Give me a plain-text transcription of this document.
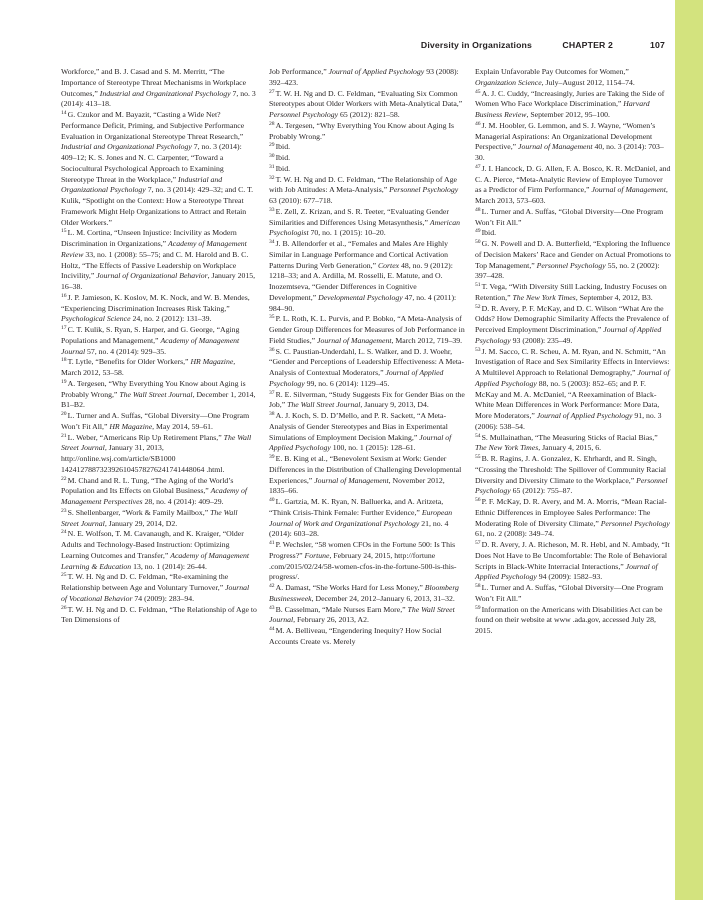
Diversity in Organizations	CHAPTER 2	107

Workforce,” and B. J. Casad and S. M. Merritt, “The Importance of Stereotype Threat Mechanisms in Workplace Outcomes,” Industrial and Organizational Psychology 7, no. 3 (2014): 413–18.

$^{14}$G. Czukor and M. Bayazit, “Casting a Wide Net? Performance Deficit, Priming, and Subjective Performance Evaluation in Organizational Stereotype Threat Research,” Industrial and Organizational Psychology 7, no. 3 (2014): 409–12; K. S. Jones and N. C. Carpenter, “Toward a Sociocultural Psychological Approach to Examining Stereotype Threat in the Workplace,” Industrial and Organizational Psychology 7, no. 3 (2014): 429–32; and C. T. Kulik, “Spotlight on the Context: How a Stereotype Threat Framework Might Help Organizations to Attract and Retain Older Workers.”

$^{15}$L. M. Cortina, “Unseen Injustice: Incivility as Modern Discrimination in Organizations,” Academy of Management Review 33, no. 1 (2008): 55–75; and C. M. Harold and B. C. Holtz, “The Effects of Passive Leadership on Workplace Incivility,” Journal of Organizational Behavior, January 2015, 16–38.

$^{16}$J. P. Jamieson, K. Koslov, M. K. Nock, and W. B. Mendes, “Experiencing Discrimination Increases Risk Taking,” Psychological Science 24, no. 2 (2012): 131–39.

$^{17}$C. T. Kulik, S. Ryan, S. Harper, and G. George, “Aging Populations and Management,” Academy of Management Journal 57, no. 4 (2014): 929–35.

$^{18}$T. Lytle, “Benefits for Older Workers,” HR Magazine, March 2012, 53–58.

$^{19}$A. Tergesen, “Why Everything You Know about Aging is Probably Wrong,” The Wall Street Journal, December 1, 2014, B1–B2.

$^{20}$L. Turner and A. Suffas, “Global Diversity—One Program Won’t Fit All,” HR Magazine, May 2014, 59–61.

$^{21}$L. Weber, “Americans Rip Up Retirement Plans,” The Wall Street Journal, January 31, 2013, http://online.wsj.com/article/SB1000 1424127887323926104578276241741448064 .html.

$^{22}$M. Chand and R. L. Tung, “The Aging of the World’s Population and Its Effects on Global Business,” Academy of Management Perspectives 28, no. 4 (2014): 409–29.

$^{23}$S. Shellenbarger, “Work & Family Mailbox,” The Wall Street Journal, January 29, 2014, D2.

$^{24}$N. E. Wolfson, T. M. Cavanaugh, and K. Kraiger, “Older Adults and Technology-Based Instruction: Optimizing Learning Outcomes and Transfer,” Academy of Management Learning & Education 13, no. 1 (2014): 26-44.

$^{25}$T. W. H. Ng and D. C. Feldman, “Re-examining the Relationship between Age and Voluntary Turnover,” Journal of Vocational Behavior 74 (2009): 283–94.

$^{26}$T. W. H. Ng and D. C. Feldman, “The Relationship of Age to Ten Dimensions of

Job Performance,” Journal of Applied Psychology 93 (2008): 392–423.

$^{27}$T. W. H. Ng and D. C. Feldman, “Evaluating Six Common Stereotypes about Older Workers with Meta-Analytical Data,” Personnel Psychology 65 (2012): 821–58.

$^{28}$A. Tergesen, “Why Everything You Know about Aging Is Probably Wrong.”

$^{29}$Ibid.

$^{30}$Ibid.

$^{31}$Ibid.

$^{32}$T. W. H. Ng and D. C. Feldman, “The Relationship of Age with Job Attitudes: A Meta-Analysis,” Personnel Psychology 63 (2010): 677–718.

$^{33}$E. Zell, Z. Krizan, and S. R. Teeter, “Evaluating Gender Similarities and Differences Using Metasynthesis,” American Psychologist 70, no. 1 (2015): 10–20.

$^{34}$J. B. Allendorfer et al., “Females and Males Are Highly Similar in Language Performance and Cortical Activation Patterns During Verb Generation,” Cortex 48, no. 9 (2012): 1218–33; and A. Ardilla, M. Rosselli, E. Matute, and O. Inozemtseva, “Gender Differences in Cognitive Development,” Developmental Psychology 47, no. 4 (2011): 984–90.

$^{35}$P. L. Roth, K. L. Purvis, and P. Bobko, “A Meta-Analysis of Gender Group Differences for Measures of Job Performance in Field Studies,” Journal of Management, March 2012, 719–39.

$^{36}$S. C. Paustian-Underdahl, L. S. Walker, and D. J. Woehr, “Gender and Perceptions of Leadership Effectiveness: A Meta-Analysis of Contextual Moderators,” Journal of Applied Psychology 99, no. 6 (2014): 1129–45.

$^{37}$R. E. Silverman, “Study Suggests Fix for Gender Bias on the Job,” The Wall Street Journal, January 9, 2013, D4.

$^{38}$A. J. Koch, S. D. D’Mello, and P. R. Sackett, “A Meta-Analysis of Gender Stereotypes and Bias in Experimental Simulations of Employment Decision Making,” Journal of Applied Psychology 100, no. 1 (2015): 128–61.

$^{39}$E. B. King et al., “Benevolent Sexism at Work: Gender Differences in the Distribution of Challenging Developmental Experiences,” Journal of Management, November 2012, 1835–66.

$^{40}$L. Gartzia, M. K. Ryan, N. Balluerka, and A. Aritzeta, “Think Crisis-Think Female: Further Evidence,” European Journal of Work and Organizational Psychology 21, no. 4 (2014): 603–28.

$^{41}$P. Wechsler, “58 women CFOs in the Fortune 500: Is This Progress?” Fortune, February 24, 2015, http://fortune .com/2015/02/24/58-women-cfos-in-the-fortune-500-is-this-progress/.

$^{42}$A. Damast, “She Works Hard for Less Money,” Bloomberg Businessweek, December 24, 2012–January 6, 2013, 31–32.

$^{43}$B. Casselman, “Male Nurses Earn More,” The Wall Street Journal, February 26, 2013, A2.

$^{44}$M. A. Belliveau, “Engendering Inequity? How Social Accounts Create vs. Merely

Explain Unfavorable Pay Outcomes for Women,” Organization Science, July–August 2012, 1154–74.

$^{45}$A. J. C. Cuddy, “Increasingly, Juries are Taking the Side of Women Who Face Workplace Discrimination,” Harvard Business Review, September 2012, 95–100.

$^{46}$J. M. Hoobler, G. Lemmon, and S. J. Wayne, “Women’s Managerial Aspirations: An Organizational Development Perspective,” Journal of Management 40, no. 3 (2014): 703–30.

$^{47}$J. I. Hancock, D. G. Allen, F. A. Bosco, K. R. McDaniel, and C. A. Pierce, “Meta-Analytic Review of Employee Turnover as a Predictor of Firm Performance,” Journal of Management, March 2013, 573–603.

$^{48}$L. Turner and A. Suffas, “Global Diversity—One Program Won’t Fit All.”

$^{49}$Ibid.

$^{50}$G. N. Powell and D. A. Butterfield, “Exploring the Influence of Decision Makers’ Race and Gender on Actual Promotions to Top Management,” Personnel Psychology 55, no. 2 (2002): 397–428.

$^{51}$T. Vega, “With Diversity Still Lacking, Industry Focuses on Retention,” The New York Times, September 4, 2012, B3.

$^{52}$D. R. Avery, P. F. McKay, and D. C. Wilson “What Are the Odds? How Demographic Similarity Affects the Prevalence of Perceived Employment Discrimination,” Journal of Applied Psychology 93 (2008): 235–49.

$^{53}$J. M. Sacco, C. R. Scheu, A. M. Ryan, and N. Schmitt, “An Investigation of Race and Sex Similarity Effects in Interviews: A Multilevel Approach to Relational Demography,” Journal of Applied Psychology 88, no. 5 (2003): 852–65; and P. F. McKay and M. A. McDaniel, “A Reexamination of Black-White Mean Differences in Work Performance: More Data, More Moderators,” Journal of Applied Psychology 91, no. 3 (2006): 538–54.

$^{54}$S. Mullainathan, “The Measuring Sticks of Racial Bias,” The New York Times, January 4, 2015, 6.

$^{55}$B. R. Ragins, J. A. Gonzalez, K. Ehrhardt, and R. Singh, “Crossing the Threshold: The Spillover of Community Racial Diversity and Diversity Climate to the Workplace,” Personnel Psychology 65 (2012): 755–87.

$^{56}$P. F. McKay, D. R. Avery, and M. A. Morris, “Mean Racial-Ethnic Differences in Employee Sales Performance: The Moderating Role of Diversity Climate,” Personnel Psychology 61, no. 2 (2008): 349–74.

$^{57}$D. R. Avery, J. A. Richeson, M. R. Hebl, and N. Ambady, “It Does Not Have to Be Uncomfortable: The Role of Behavioral Scripts in Black-White Interracial Interactions,” Journal of Applied Psychology 94 (2009): 1582–93.

$^{58}$L. Turner and A. Suffas, “Global Diversity—One Program Won’t Fit All.”

$^{59}$Information on the Americans with Disabilities Act can be found on their website at www .ada.gov, accessed July 28, 2015.
